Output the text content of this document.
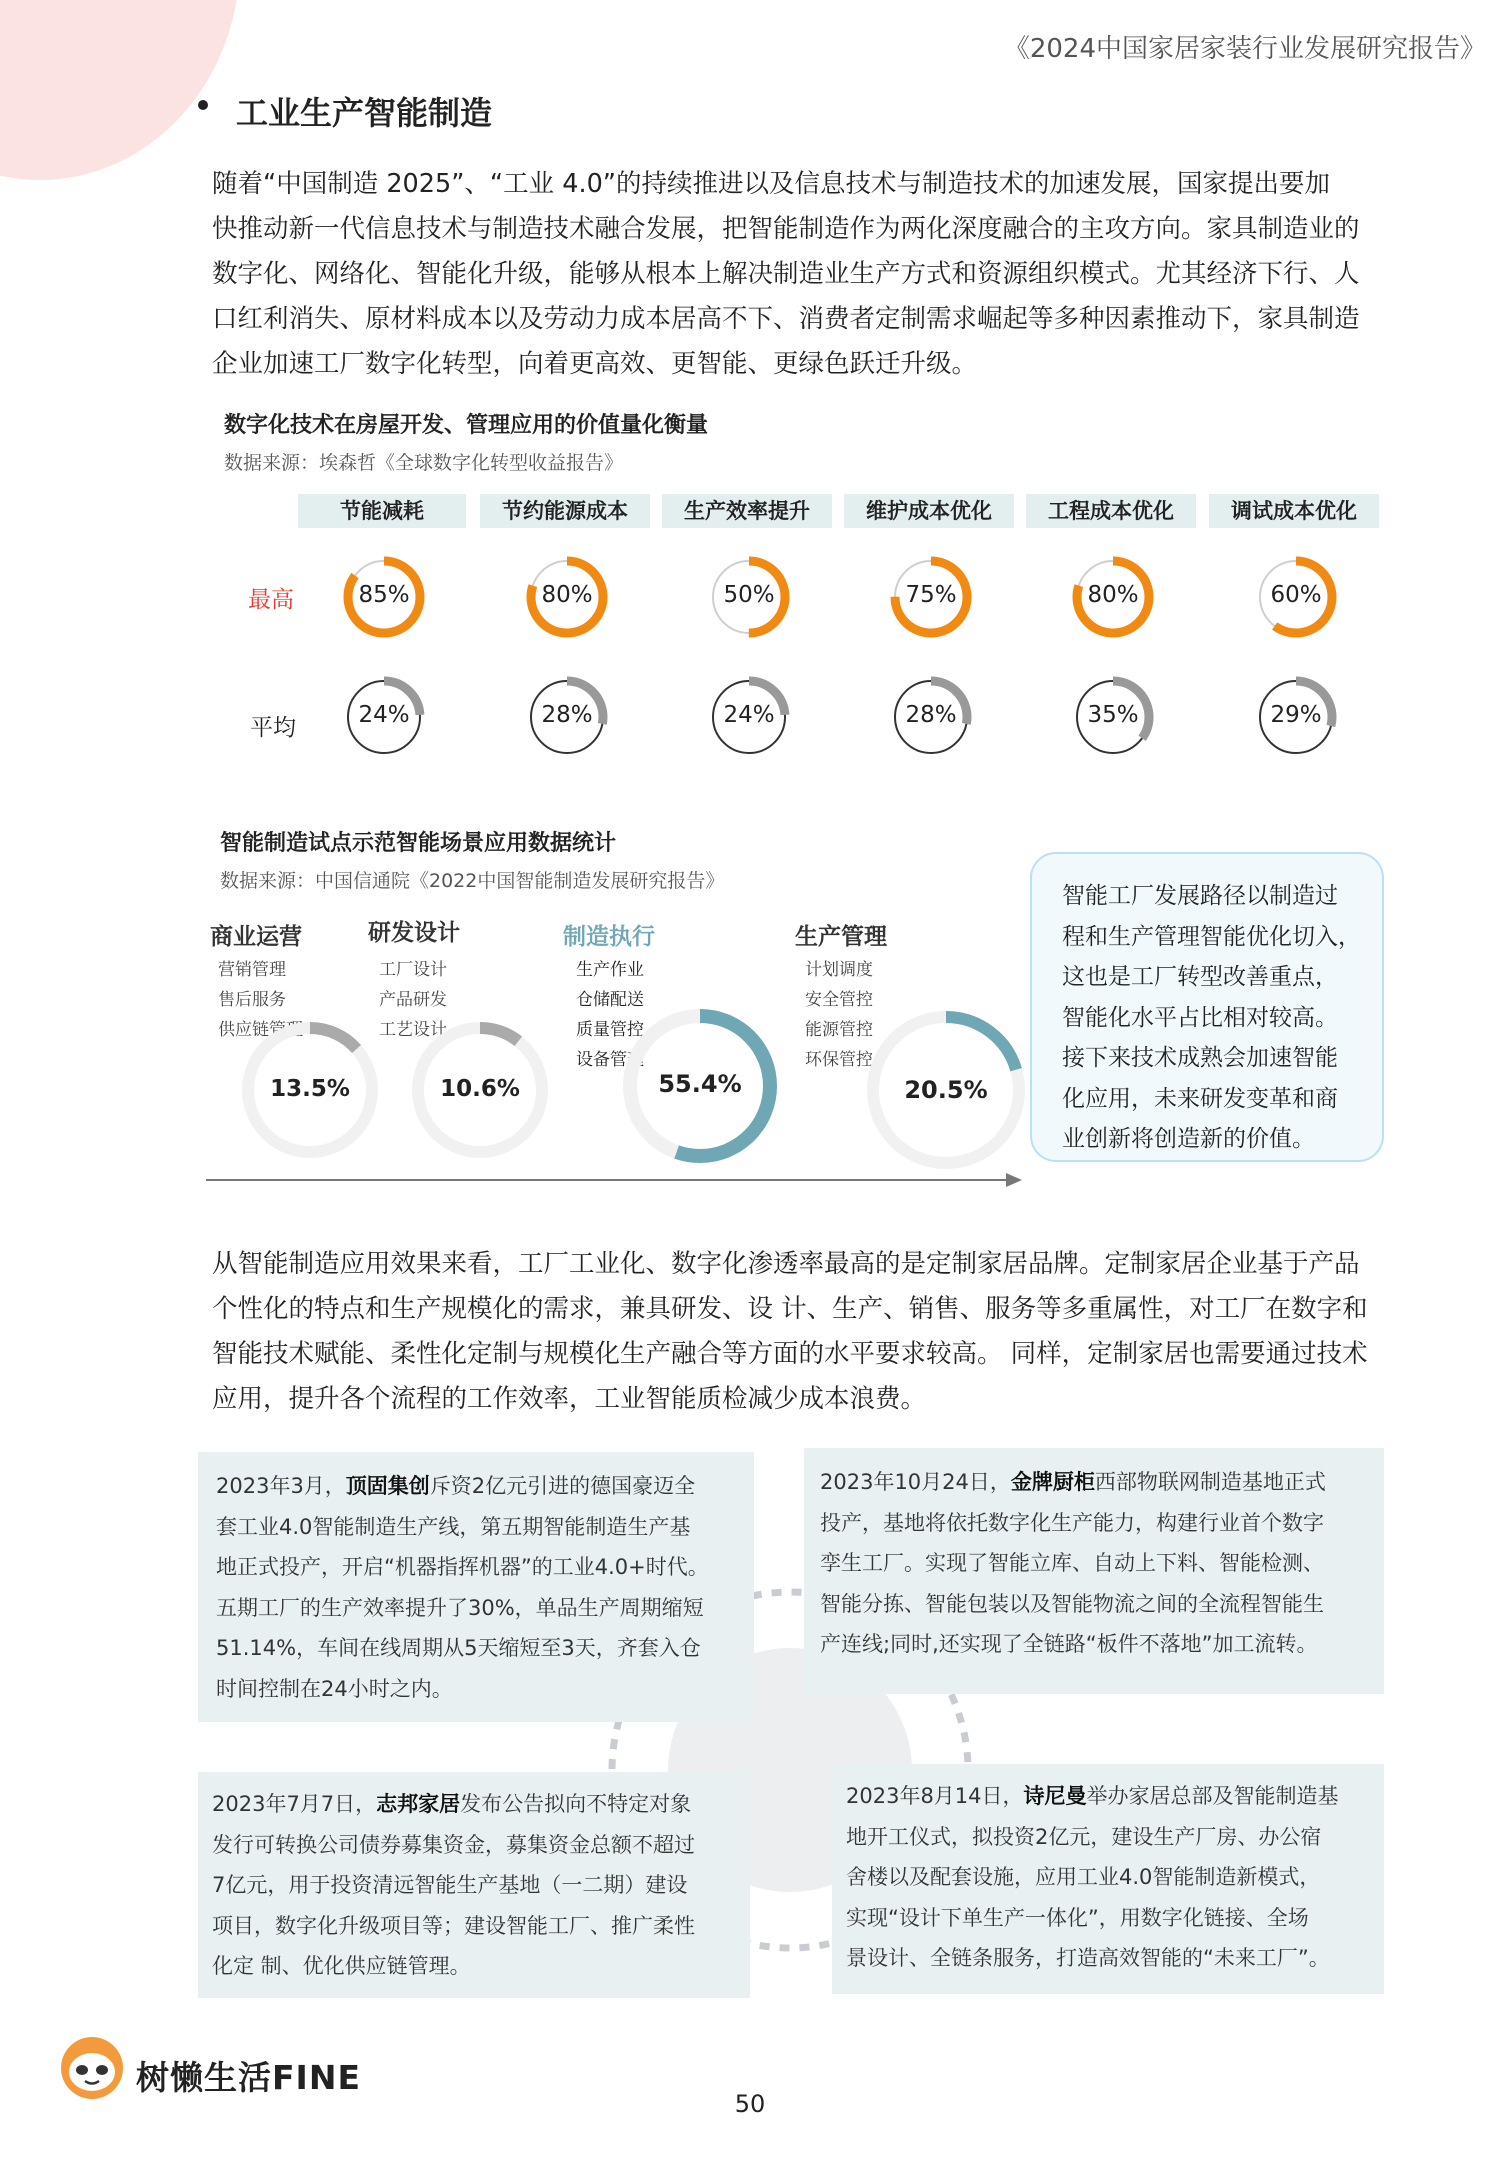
《2024中国家居家装行业发展研究报告》
工业生产智能制造
随着“中国制造 2025”、“工业 4.0”的持续推进以及信息技术与制造技术的加速发展，国家提出要加
快推动新一代信息技术与制造技术融合发展，把智能制造作为两化深度融合的主攻方向。家具制造业的
数字化、网络化、智能化升级，能够从根本上解决制造业生产方式和资源组织模式。尤其经济下行、人
口红利消失、原材料成本以及劳动力成本居高不下、消费者定制需求崛起等多种因素推动下，家具制造
企业加速工厂数字化转型，向着更高效、更智能、更绿色跃迁升级。
数字化技术在房屋开发、管理应用的价值量化衡量
数据来源：埃森哲《全球数字化转型收益报告》
节能减耗	节约能源成本	生产效率提升	维护成本优化	工程成本优化	调试成本优化
最高	85%	80%	50%	75%	80%	60%
平均	24%	28%	24%	28%	35%	29%
智能制造试点示范智能场景应用数据统计
数据来源：中国信通院《2022中国智能制造发展研究报告》
商业运营
营销管理
售后服务
供应链管理
13.5%
研发设计
工厂设计
产品研发
工艺设计
10.6%
制造执行
生产作业
仓储配送
质量管控
设备管理
55.4%
生产管理
计划调度
安全管控
能源管控
环保管控
20.5%
智能工厂发展路径以制造过
程和生产管理智能优化切入，
这也是工厂转型改善重点，
智能化水平占比相对较高。
接下来技术成熟会加速智能
化应用，未来研发变革和商
业创新将创造新的价值。
从智能制造应用效果来看，工厂工业化、数字化渗透率最高的是定制家居品牌。定制家居企业基于产品
个性化的特点和生产规模化的需求，兼具研发、设 计、生产、销售、服务等多重属性，对工厂在数字和
智能技术赋能、柔性化定制与规模化生产融合等方面的水平要求较高。 同样，定制家居也需要通过技术
应用，提升各个流程的工作效率，工业智能质检减少成本浪费。
2023年3月，顶固集创斥资2亿元引进的德国豪迈全
套工业4.0智能制造生产线，第五期智能制造生产基
地正式投产，开启“机器指挥机器”的工业4.0+时代。
五期工厂的生产效率提升了30%，单品生产周期缩短
51.14%，车间在线周期从5天缩短至3天，齐套入仓
时间控制在24小时之内。
2023年10月24日，金牌厨柜西部物联网制造基地正式
投产，基地将依托数字化生产能力，构建行业首个数字
孪生工厂。实现了智能立库、自动上下料、智能检测、
智能分拣、智能包装以及智能物流之间的全流程智能生
产连线;同时,还实现了全链路“板件不落地”加工流转。
2023年7月7日，志邦家居发布公告拟向不特定对象
发行可转换公司债券募集资金，募集资金总额不超过
7亿元，用于投资清远智能生产基地（一二期）建设
项目，数字化升级项目等；建设智能工厂、推广柔性
化定 制、优化供应链管理。
2023年8月14日，诗尼曼举办家居总部及智能制造基
地开工仪式，拟投资2亿元，建设生产厂房、办公宿
舍楼以及配套设施，应用工业4.0智能制造新模式，
实现“设计下单生产一体化”，用数字化链接、全场
景设计、全链条服务，打造高效智能的“未来工厂”。
树懒生活FINE
50
